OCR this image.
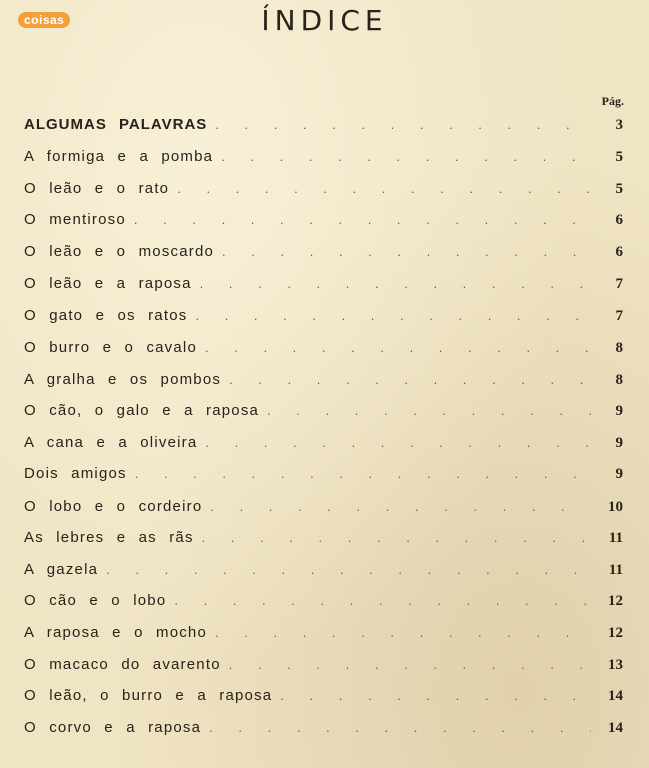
coisas	ÍNDICE
Pág.
ALGUMAS PALAVRAS . . .	3
A formiga e a pomba . . .	5
O leão e o rato . . .	5
O mentiroso . . .	6
O leão e o moscardo . . .	6
O leão e a raposa . . .	7
O gato e os ratos . . .	7
O burro e o cavalo . . .	8
A gralha e os pombos . . .	8
O cão, o galo e a raposa . . .	9
A cana e a oliveira . . .	9
Dois amigos . . .	9
O lobo e o cordeiro . . .	10
As lebres e as rãs . . .	11
A gazela . . .	11
O cão e o lobo . . .	12
A raposa e o mocho . . .	12
O macaco do avarento . . .	13
O leão, o burro e a raposa . . .	14
O corvo e a raposa . . .	14
